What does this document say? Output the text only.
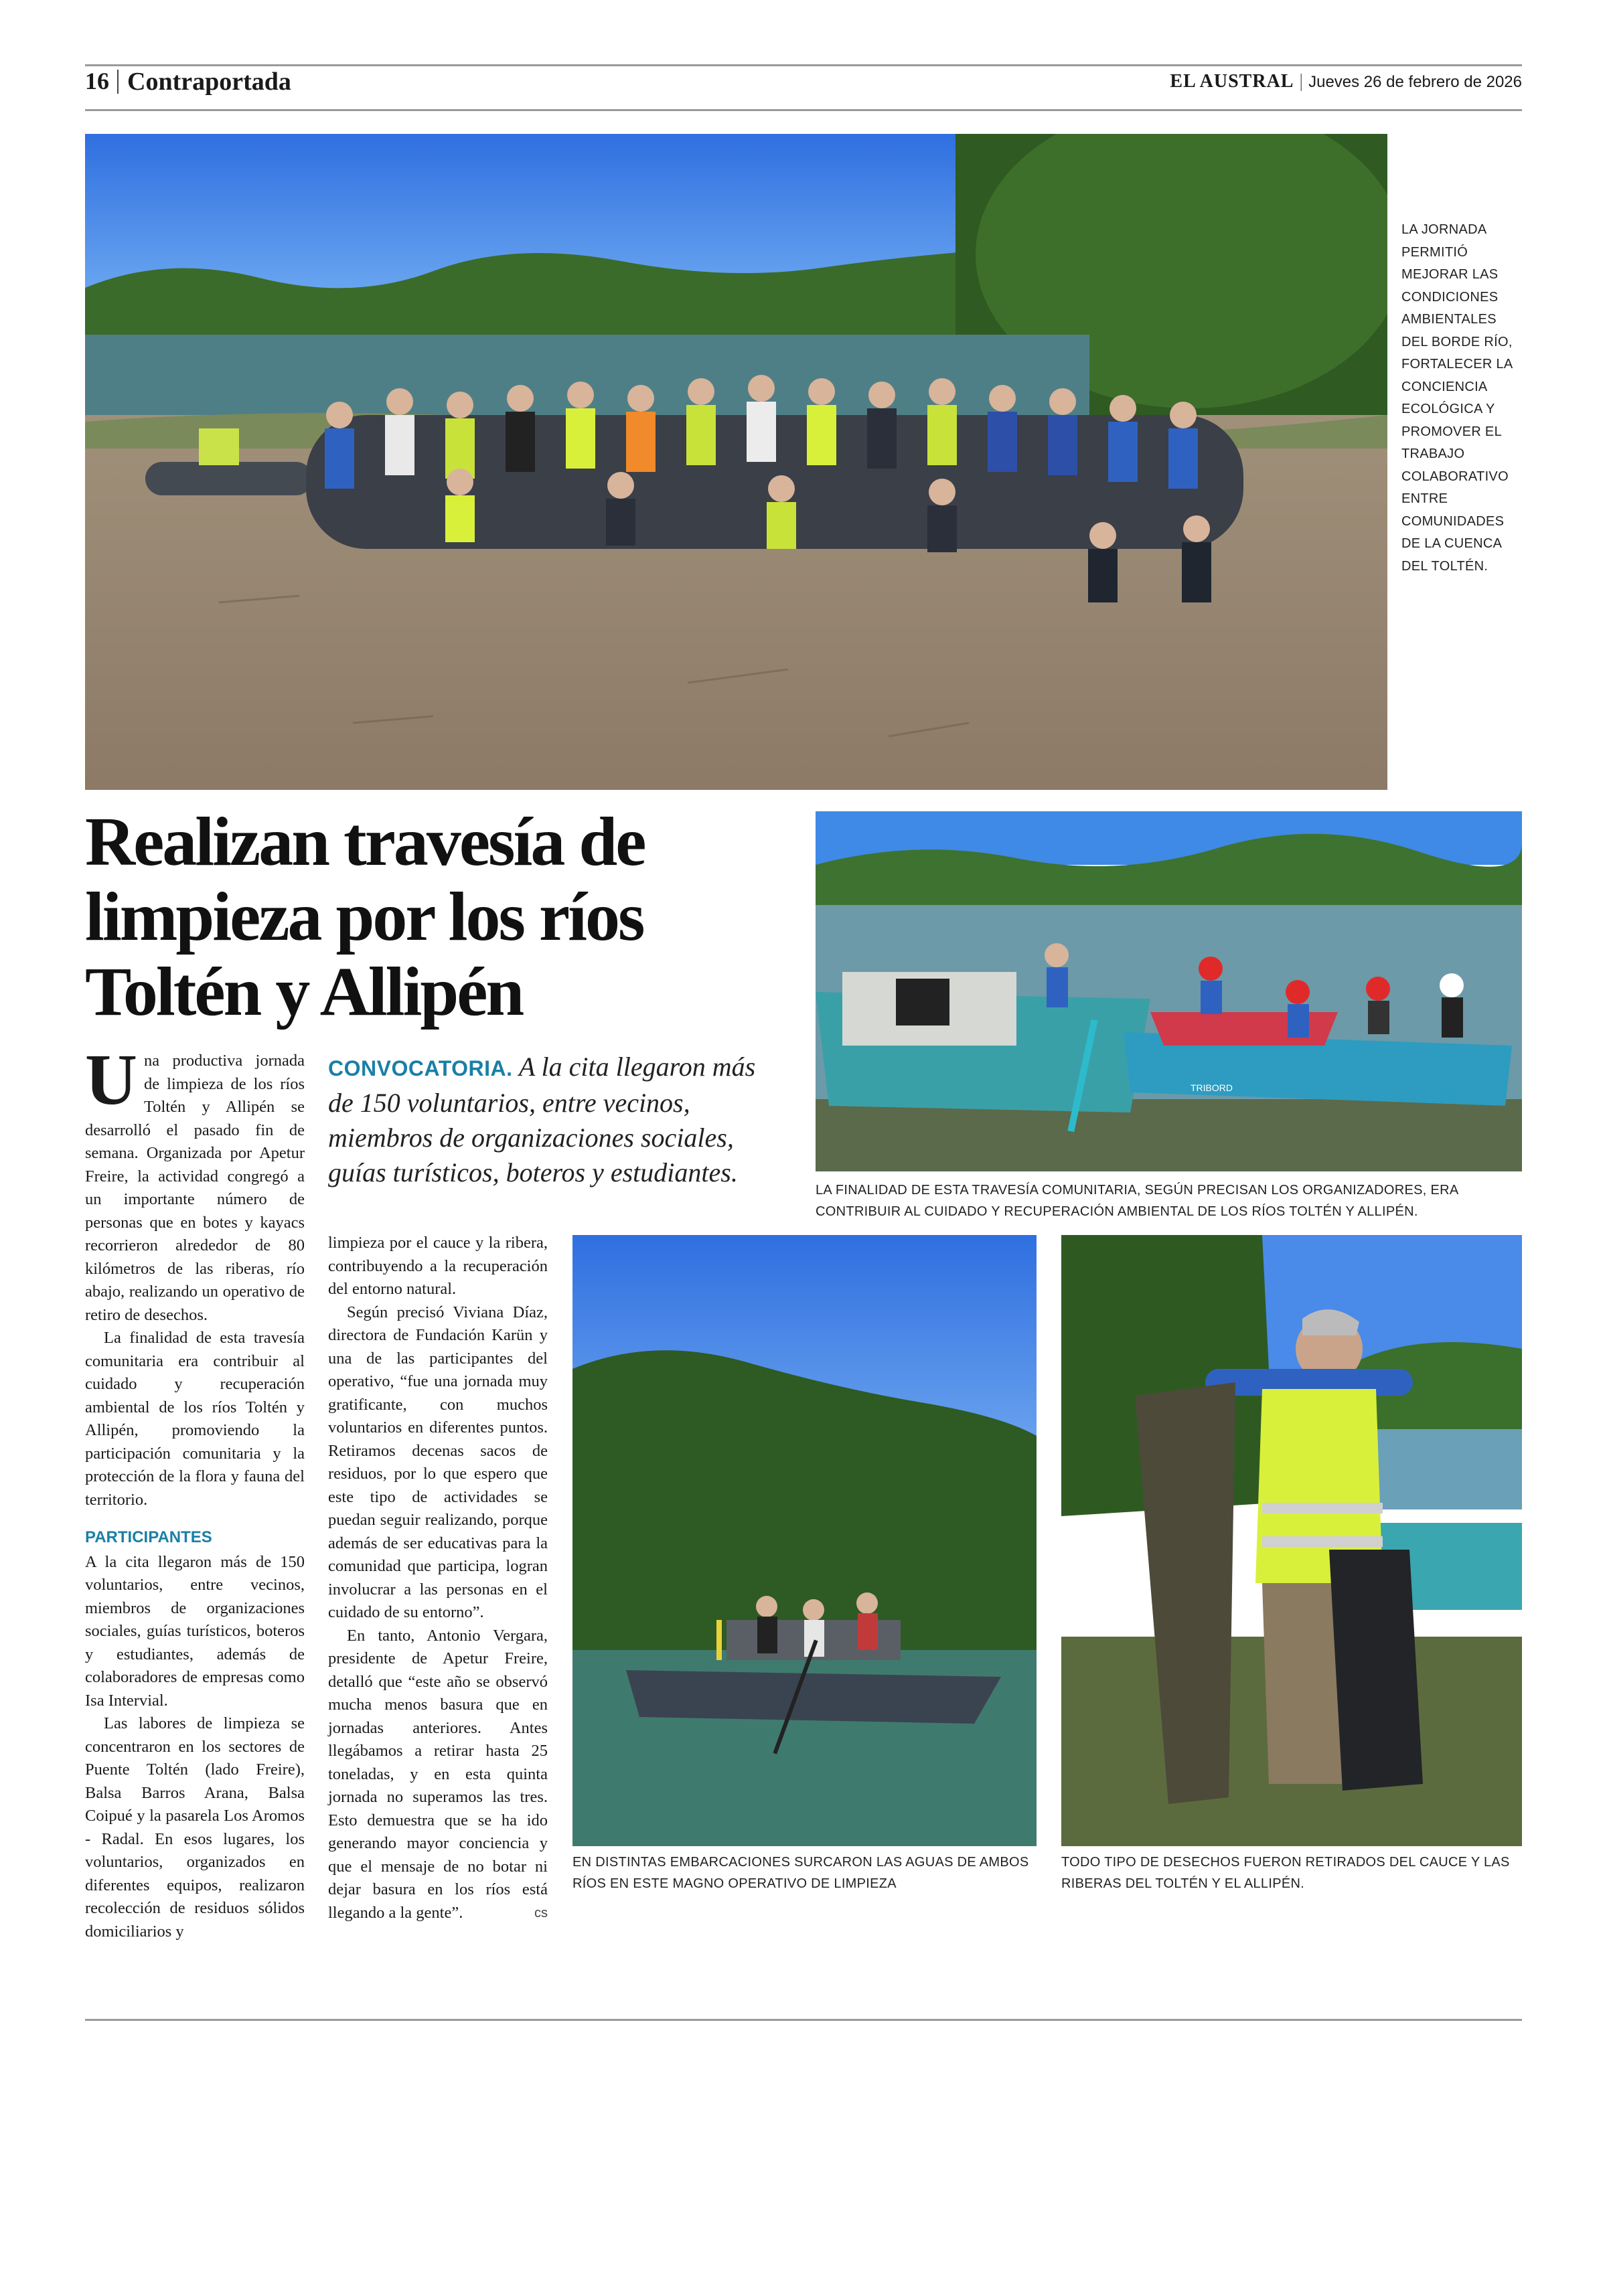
16 Contraportada	EL AUSTRAL | Jueves 26 de febrero de 2026
LA JORNADA PERMITIÓ MEJORAR LAS CONDICIONES AMBIENTALES DEL BORDE RÍO, FORTALECER LA CONCIENCIA ECOLÓGICA Y PROMOVER EL TRABAJO COLABORATIVO ENTRE COMUNIDADES DE LA CUENCA DEL TOLTÉN.
Realizan travesía de limpieza por los ríos Toltén y Allipén
TRIBORD
LA FINALIDAD DE ESTA TRAVESÍA COMUNITARIA, SEGÚN PRECISAN LOS ORGANIZADORES, ERA CONTRIBUIR AL CUIDADO Y RECUPERACIÓN AMBIENTAL DE LOS RÍOS TOLTÉN Y ALLIPÉN.
CONVOCATORIA. A la cita llegaron más de 150 voluntarios, entre vecinos, miembros de organizaciones sociales, guías turísticos, boteros y estudiantes.

Una productiva jornada de limpieza de los ríos Toltén y Allipén se desarrolló el pasado fin de semana. Organizada por Apetur Freire, la actividad congregó a un importante número de personas que en botes y kayacs recorrieron alrededor de 80 kilómetros de las riberas, río abajo, realizando un operativo de retiro de desechos.

La finalidad de esta travesía comunitaria era contribuir al cuidado y recuperación ambiental de los ríos Toltén y Allipén, promoviendo la participación comunitaria y la protección de la flora y fauna del territorio.

PARTICIPANTES

A la cita llegaron más de 150 voluntarios, entre vecinos, miembros de organizaciones sociales, guías turísticos, boteros y estudiantes, además de colaboradores de empresas como Isa Intervial.

Las labores de limpieza se concentraron en los sectores de Puente Toltén (lado Freire), Balsa Barros Arana, Balsa Coipué y la pasarela Los Aromos - Radal. En esos lugares, los voluntarios, organizados en diferentes equipos, realizaron recolección de residuos sólidos domiciliarios y

limpieza por el cauce y la ribera, contribuyendo a la recuperación del entorno natural.

Según precisó Viviana Díaz, directora de Fundación Karün y una de las participantes del operativo, “fue una jornada muy gratificante, con muchos voluntarios en diferentes puntos. Retiramos decenas sacos de residuos, por lo que espero que este tipo de actividades se puedan seguir realizando, porque además de ser educativas para la comunidad que participa, logran involucrar a las personas en el cuidado de su entorno”.

En tanto, Antonio Vergara, presidente de Apetur Freire, detalló que “este año se observó mucha menos basura que en jornadas anteriores. Antes llegábamos a retirar hasta 25 toneladas, y en esta quinta jornada no superamos las tres. Esto demuestra que se ha ido generando mayor conciencia y que el mensaje de no botar ni dejar basura en los ríos está llegando a la gente”.	cs

EN DISTINTAS EMBARCACIONES SURCARON LAS AGUAS DE AMBOS RÍOS EN ESTE MAGNO OPERATIVO DE LIMPIEZA
TODO TIPO DE DESECHOS FUERON RETIRADOS DEL CAUCE Y LAS RIBERAS DEL TOLTÉN Y EL ALLIPÉN.
